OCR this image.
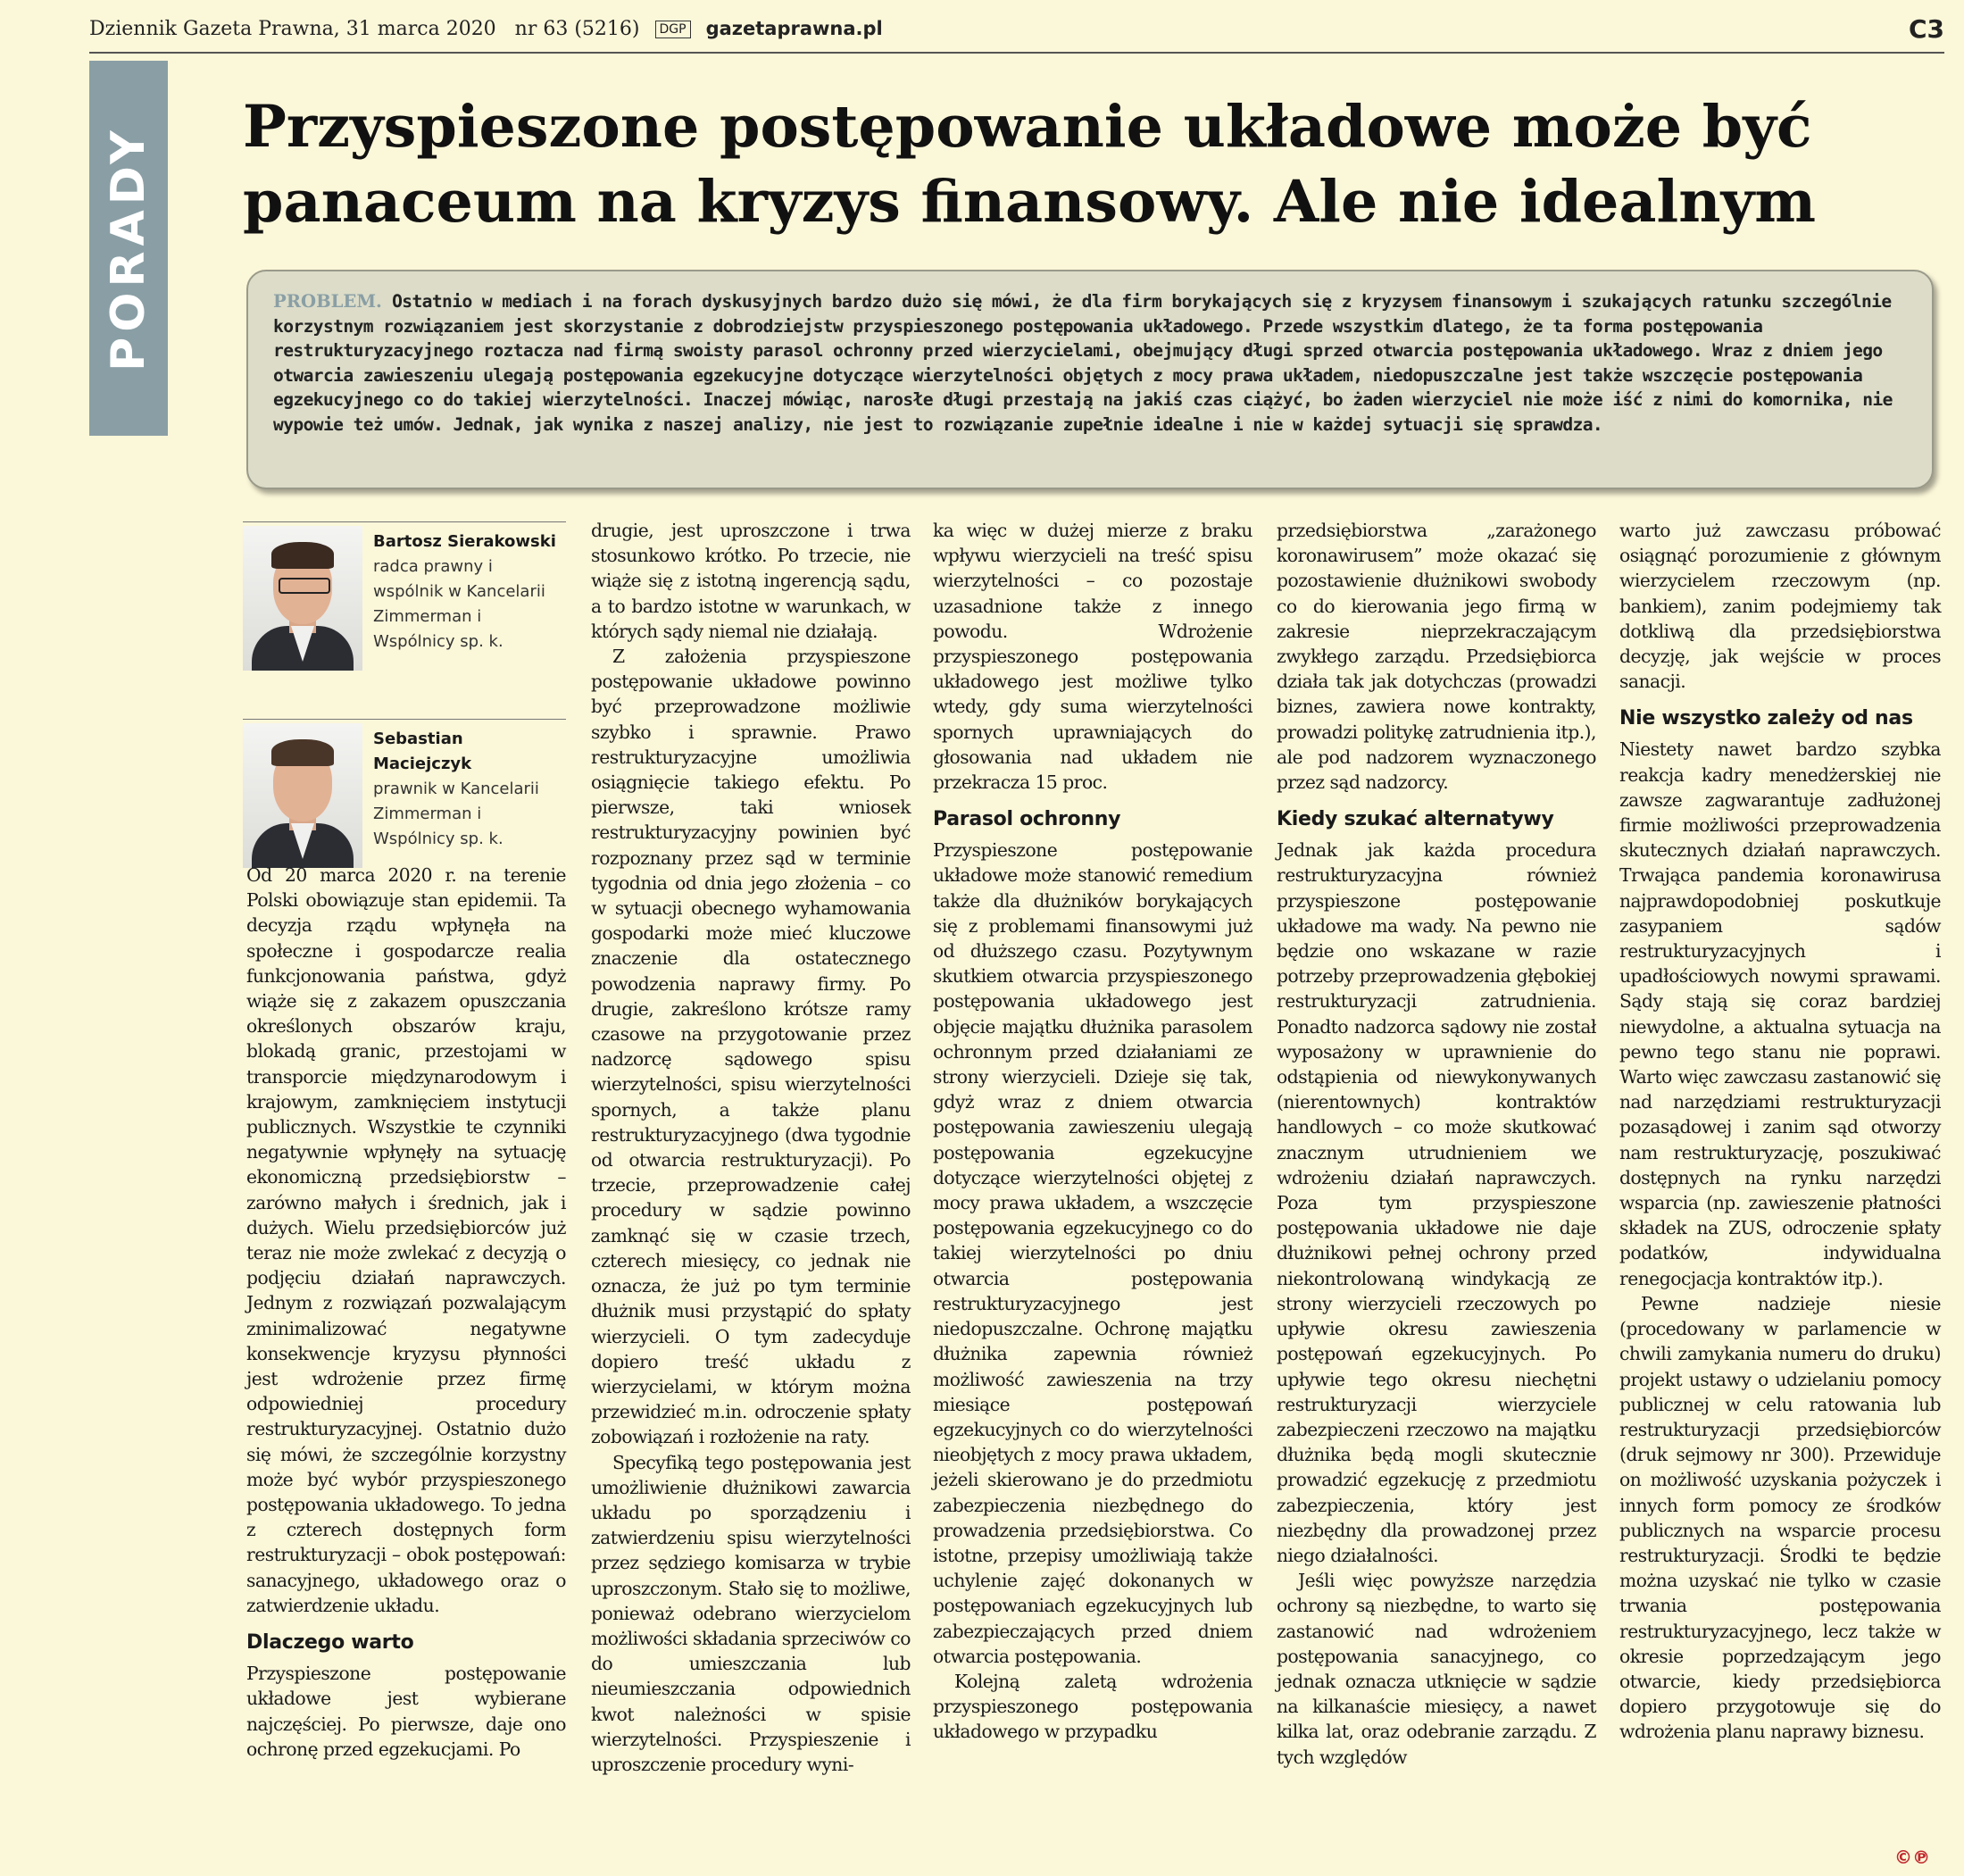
Dziennik Gazeta Prawna, 31 marca 2020 nr 63 (5216) DGP gazetaprawna.pl	C3
PORADY Przyspieszone postępowanie układowe może być panaceum na kryzys finansowy. Ale nie idealnym

PROBLEM. Ostatnio w mediach i na forach dyskusyjnych bardzo dużo się mówi, że dla firm borykających się z kryzysem finansowym i szukających ratunku szczególnie korzystnym rozwiązaniem jest skorzystanie z dobrodziejstw przyspieszonego postępowania układowego. Przede wszystkim dlatego, że ta forma postępowania restrukturyzacyjnego roztacza nad firmą swoisty parasol ochronny przed wierzycielami, obejmujący długi sprzed otwarcia postępowania układowego. Wraz z dniem jego otwarcia zawieszeniu ulegają postępowania egzekucyjne dotyczące wierzytelności objętych z mocy prawa układem, niedopuszczalne jest także wszczęcie postępowania egzekucyjnego co do takiej wierzytelności. Inaczej mówiąc, narosłe długi przestają na jakiś czas ciążyć, bo żaden wierzyciel nie może iść z nimi do komornika, nie wypowie też umów. Jednak, jak wynika z naszej analizy, nie jest to rozwiązanie zupełnie idealne i nie w każdej sytuacji się sprawdza.

Bartosz Sierakowski
radca prawny i wspólnik w Kancelarii Zimmerman i Wspólnicy sp. k.
Sebastian Maciejczyk
prawnik w Kancelarii Zimmerman i Wspólnicy sp. k.

Od 20 marca 2020 r. na terenie Polski obowiązuje stan epidemii. Ta decyzja rządu wpłynęła na społeczne i gospodarcze realia funkcjonowania państwa, gdyż wiąże się z zakazem opuszczania określonych obszarów kraju, blokadą granic, przestojami w transporcie międzynarodowym i krajowym, zamknięciem instytucji publicznych. Wszystkie te czynniki negatywnie wpłynęły na sytuację ekonomiczną przedsiębiorstw – zarówno małych i średnich, jak i dużych. Wielu przedsiębiorców już teraz nie może zwlekać z decyzją o podjęciu działań naprawczych. Jednym z rozwiązań pozwalającym zminimalizować negatywne konsekwencje kryzysu płynności jest wdrożenie przez firmę odpowiedniej procedury restrukturyzacyjnej. Ostatnio dużo się mówi, że szczególnie korzystny może być wybór przyspieszonego postępowania układowego. To jedna z czterech dostępnych form restrukturyzacji – obok postępowań: sanacyjnego, układowego oraz o zatwierdzenie układu.

Dlaczego warto

Przyspieszone postępowanie układowe jest wybierane najczęściej. Po pierwsze, daje ono ochronę przed egzekucjami. Po

drugie, jest uproszczone i trwa stosunkowo krótko. Po trzecie, nie wiąże się z istotną ingerencją sądu, a to bardzo istotne w warunkach, w których sądy niemal nie działają.

Z założenia przyspieszone postępowanie układowe powinno być przeprowadzone możliwie szybko i sprawnie. Prawo restrukturyzacyjne umożliwia osiągnięcie takiego efektu. Po pierwsze, taki wniosek restrukturyzacyjny powinien być rozpoznany przez sąd w terminie tygodnia od dnia jego złożenia – co w sytuacji obecnego wyhamowania gospodarki może mieć kluczowe znaczenie dla ostatecznego powodzenia naprawy firmy. Po drugie, zakreślono krótsze ramy czasowe na przygotowanie przez nadzorcę sądowego spisu wierzytelności, spisu wierzytelności spornych, a także planu restrukturyzacyjnego (dwa tygodnie od otwarcia restrukturyzacji). Po trzecie, przeprowadzenie całej procedury w sądzie powinno zamknąć się w czasie trzech, czterech miesięcy, co jednak nie oznacza, że już po tym terminie dłużnik musi przystąpić do spłaty wierzycieli. O tym zadecyduje dopiero treść układu z wierzycielami, w którym można przewidzieć m.in. odroczenie spłaty zobowiązań i rozłożenie na raty.

Specyfiką tego postępowania jest umożliwienie dłużnikowi zawarcia układu po sporządzeniu i zatwierdzeniu spisu wierzytelności przez sędziego komisarza w trybie uproszczonym. Stało się to możliwe, ponieważ odebrano wierzycielom możliwości składania sprzeciwów co do umieszczania lub nieumieszczania odpowiednich kwot należności w spisie wierzytelności. Przyspieszenie i uproszczenie procedury wyni-

ka więc w dużej mierze z braku wpływu wierzycieli na treść spisu wierzytelności – co pozostaje uzasadnione także z innego powodu. Wdrożenie przyspieszonego postępowania układowego jest możliwe tylko wtedy, gdy suma wierzytelności spornych uprawniających do głosowania nad układem nie przekracza 15 proc.

Parasol ochronny

Przyspieszone postępowanie układowe może stanowić remedium także dla dłużników borykających się z problemami finansowymi już od dłuższego czasu. Pozytywnym skutkiem otwarcia przyspieszonego postępowania układowego jest objęcie majątku dłużnika parasolem ochronnym przed działaniami ze strony wierzycieli. Dzieje się tak, gdyż wraz z dniem otwarcia postępowania zawieszeniu ulegają postępowania egzekucyjne dotyczące wierzytelności objętej z mocy prawa układem, a wszczęcie postępowania egzekucyjnego co do takiej wierzytelności po dniu otwarcia postępowania restrukturyzacyjnego jest niedopuszczalne. Ochronę majątku dłużnika zapewnia również możliwość zawieszenia na trzy miesiące postępowań egzekucyjnych co do wierzytelności nieobjętych z mocy prawa układem, jeżeli skierowano je do przedmiotu zabezpieczenia niezbędnego do prowadzenia przedsiębiorstwa. Co istotne, przepisy umożliwiają także uchylenie zajęć dokonanych w postępowaniach egzekucyjnych lub zabezpieczających przed dniem otwarcia postępowania.

Kolejną zaletą wdrożenia przyspieszonego postępowania układowego w przypadku

przedsiębiorstwa „zarażonego koronawirusem” może okazać się pozostawienie dłużnikowi swobody co do kierowania jego firmą w zakresie nieprzekraczającym zwykłego zarządu. Przedsiębiorca działa tak jak dotychczas (prowadzi biznes, zawiera nowe kontrakty, prowadzi politykę zatrudnienia itp.), ale pod nadzorem wyznaczonego przez sąd nadzorcy.

Kiedy szukać alternatywy

Jednak jak każda procedura restrukturyzacyjna również przyspieszone postępowanie układowe ma wady. Na pewno nie będzie ono wskazane w razie potrzeby przeprowadzenia głębokiej restrukturyzacji zatrudnienia. Ponadto nadzorca sądowy nie został wyposażony w uprawnienie do odstąpienia od niewykonywanych (nierentownych) kontraktów handlowych – co może skutkować znacznym utrudnieniem we wdrożeniu działań naprawczych. Poza tym przyspieszone postępowania układowe nie daje dłużnikowi pełnej ochrony przed niekontrolowaną windykacją ze strony wierzycieli rzeczowych po upływie okresu zawieszenia postępowań egzekucyjnych. Po upływie tego okresu niechętni restrukturyzacji wierzyciele zabezpieczeni rzeczowo na majątku dłużnika będą mogli skutecznie prowadzić egzekucję z przedmiotu zabezpieczenia, który jest niezbędny dla prowadzonej przez niego działalności.

Jeśli więc powyższe narzędzia ochrony są niezbędne, to warto się zastanowić nad wdrożeniem postępowania sanacyjnego, co jednak oznacza utknięcie w sądzie na kilkanaście miesięcy, a nawet kilka lat, oraz odebranie zarządu. Z tych względów

warto już zawczasu próbować osiągnąć porozumienie z głównym wierzycielem rzeczowym (np. bankiem), zanim podejmiemy tak dotkliwą dla przedsiębiorstwa decyzję, jak wejście w proces sanacji.

Nie wszystko zależy od nas

Niestety nawet bardzo szybka reakcja kadry menedżerskiej nie zawsze zagwarantuje zadłużonej firmie możliwości przeprowadzenia skutecznych działań naprawczych. Trwająca pandemia koronawirusa najprawdopodobniej poskutkuje zasypaniem sądów restrukturyzacyjnych i upadłościowych nowymi sprawami. Sądy stają się coraz bardziej niewydolne, a aktualna sytuacja na pewno tego stanu nie poprawi. Warto więc zawczasu zastanowić się nad narzędziami restrukturyzacji pozasądowej i zanim sąd otworzy nam restrukturyzację, poszukiwać dostępnych na rynku narzędzi wsparcia (np. zawieszenie płatności składek na ZUS, odroczenie spłaty podatków, indywidualna renegocjacja kontraktów itp.).

Pewne nadzieje niesie (procedowany w parlamencie w chwili zamykania numeru do druku) projekt ustawy o udzielaniu pomocy publicznej w celu ratowania lub restrukturyzacji przedsiębiorców (druk sejmowy nr 300). Przewiduje on możliwość uzyskania pożyczek i innych form pomocy ze środków publicznych na wsparcie procesu restrukturyzacji. Środki te będzie można uzyskać nie tylko w czasie trwania postępowania restrukturyzacyjnego, lecz także w okresie poprzedzającym jego otwarcie, kiedy przedsiębiorca dopiero przygotowuje się do wdrożenia planu naprawy biznesu.

©℗
